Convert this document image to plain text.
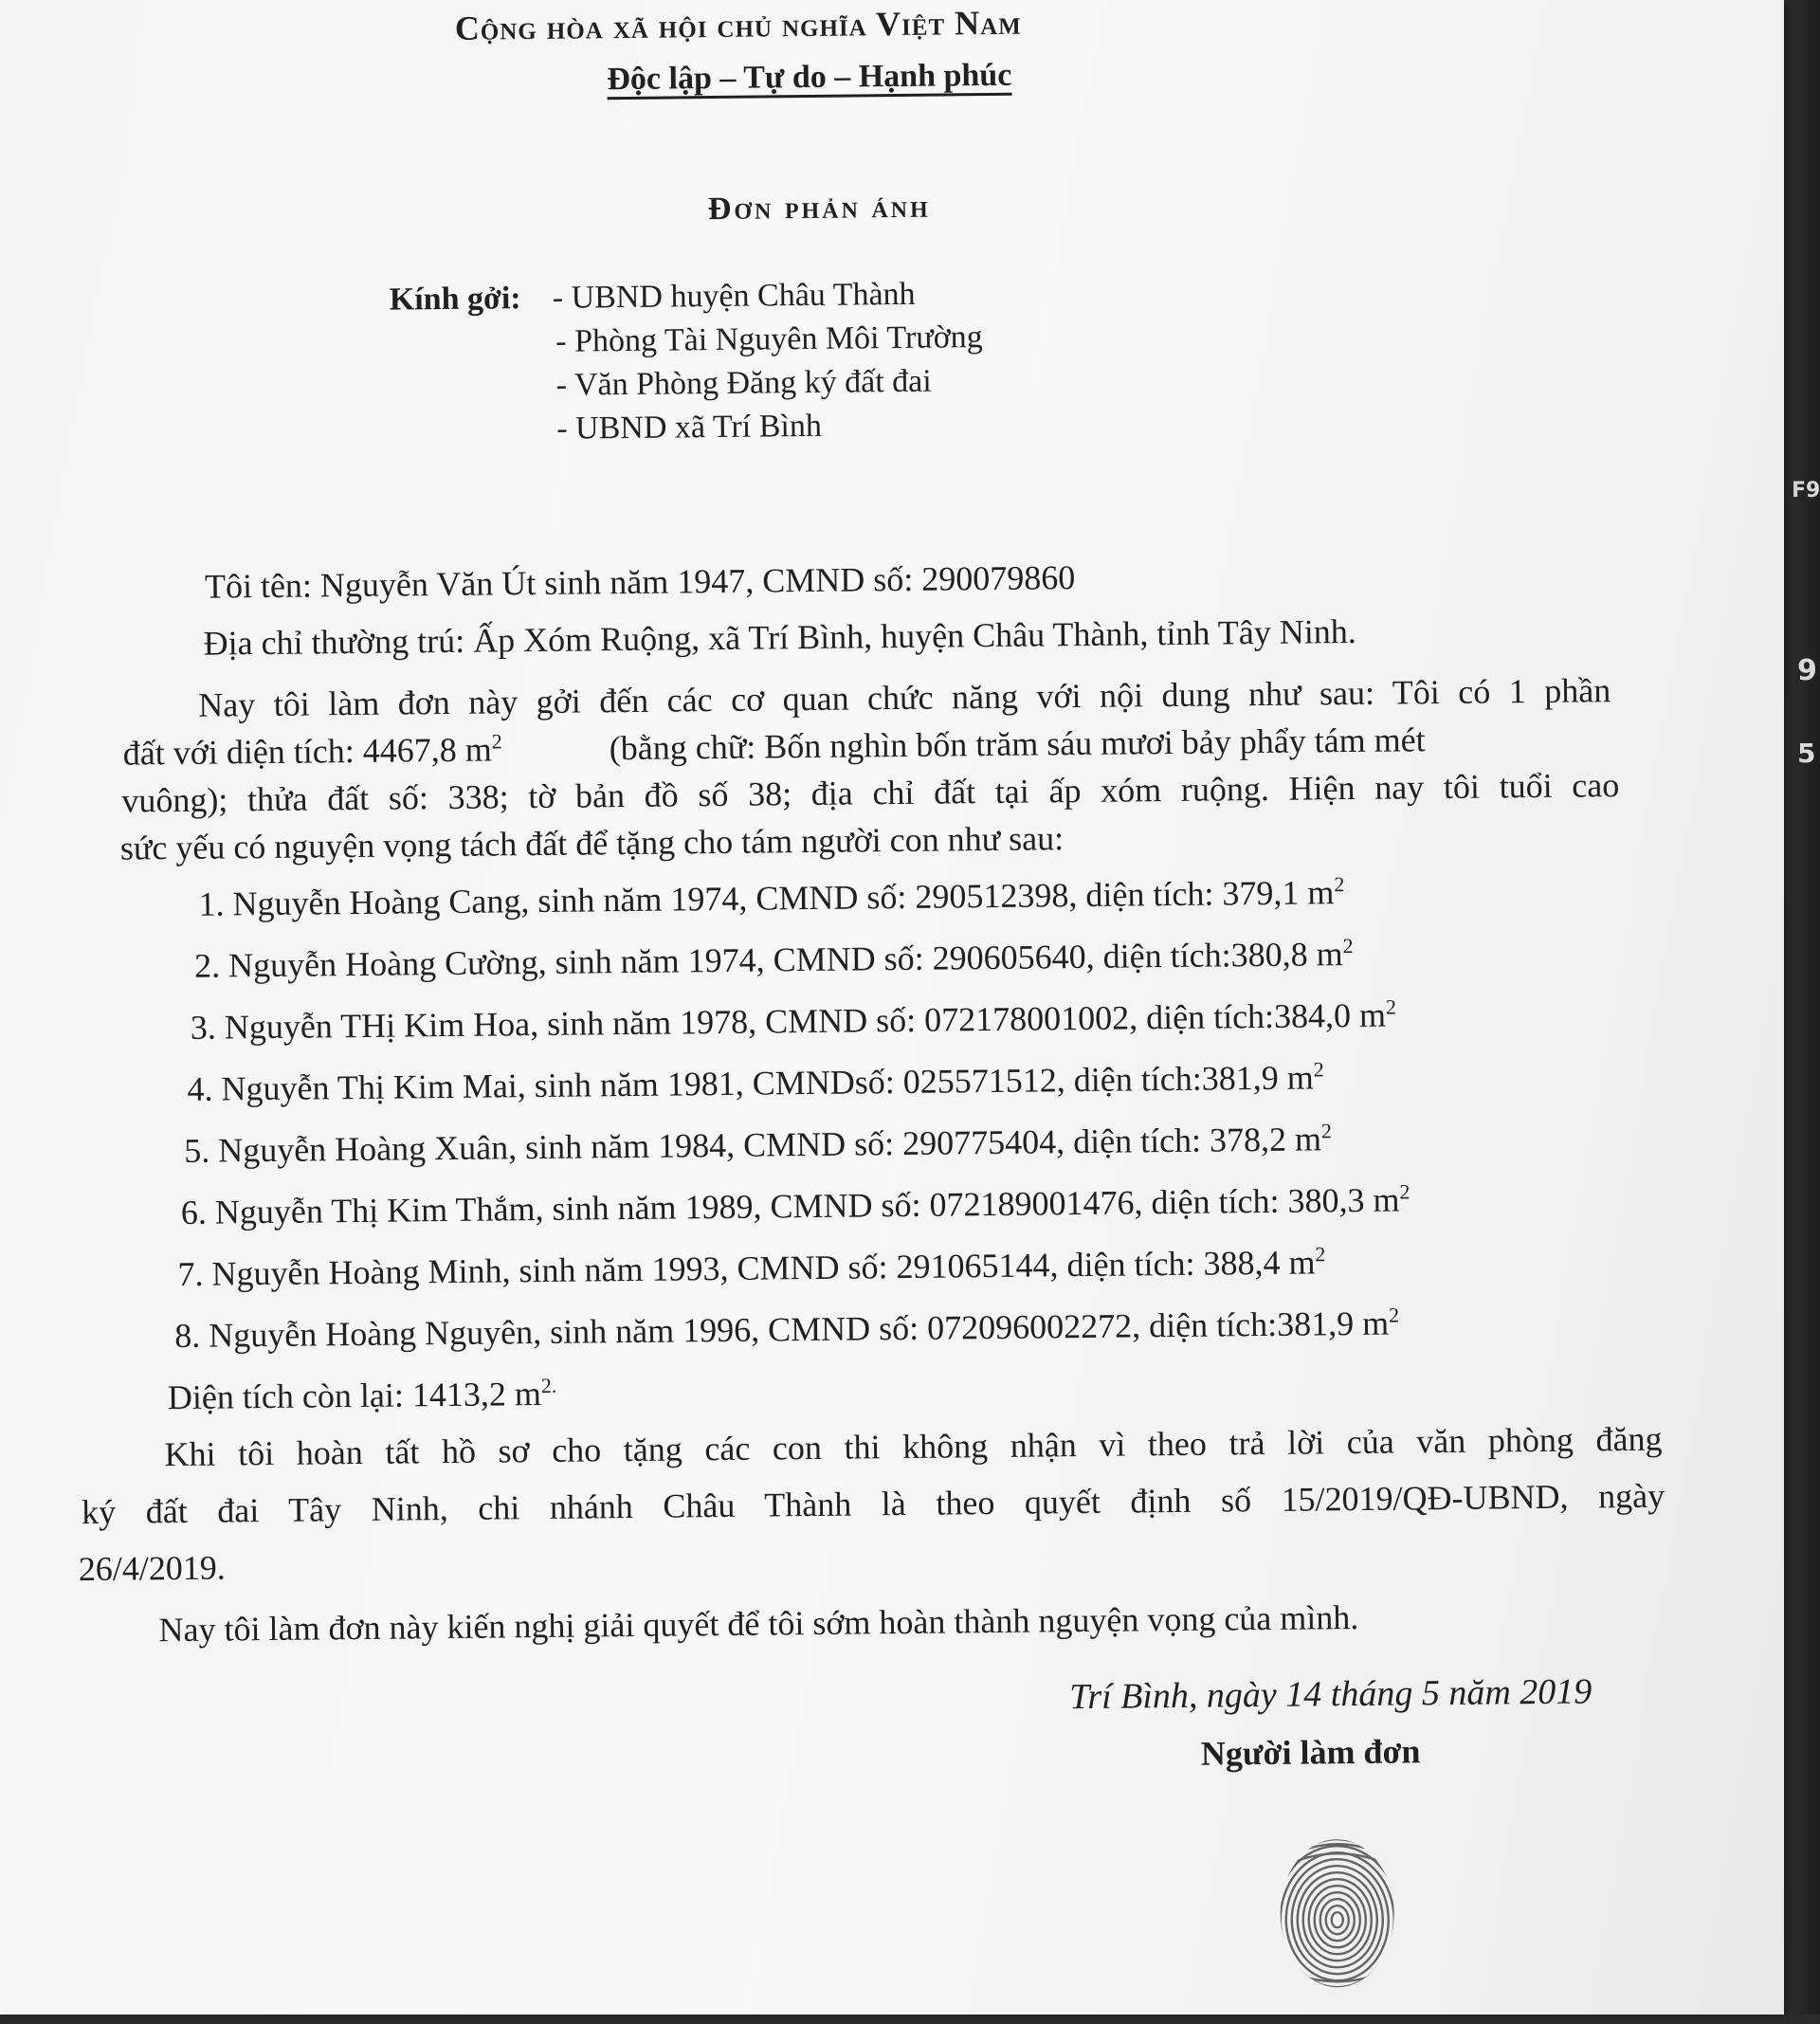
F9
9
5
Cộng hòa xã hội chủ nghĩa Việt Nam
Độc lập – Tự do – Hạnh phúc
Đơn phản ánh
Kính gởi: - UBND huyện Châu Thành
- Phòng Tài Nguyên Môi Trường
- Văn Phòng Đăng ký đất đai
- UBND xã Trí Bình
Tôi tên: Nguyễn Văn Út sinh năm 1947, CMND số: 290079860
Địa chỉ thường trú: Ấp Xóm Ruộng, xã Trí Bình, huyện Châu Thành, tỉnh Tây Ninh.
Nay tôi làm đơn này gởi đến các cơ quan chức năng với nội dung như sau: Tôi có 1 phần
đất với diện tích: 4467,8 $m^2$	(bằng chữ: Bốn nghìn bốn trăm sáu mươi bảy phẩy tám mét
vuông); thửa đất số: 338; tờ bản đồ số 38; địa chỉ đất tại ấp xóm ruộng. Hiện nay tôi tuổi cao
sức yếu có nguyện vọng tách đất để tặng cho tám người con như sau:
1. Nguyễn Hoàng Cang, sinh năm 1974, CMND số: 290512398, diện tích: 379,1 $m^2$
2. Nguyễn Hoàng Cường, sinh năm 1974, CMND số: 290605640, diện tích:380,8 $m^2$
3. Nguyễn THị Kim Hoa, sinh năm 1978, CMND số: 072178001002, diện tích:384,0 $m^2$
4. Nguyễn Thị Kim Mai, sinh năm 1981, CMNDsố: 025571512, diện tích:381,9 $m^2$
5. Nguyễn Hoàng Xuân, sinh năm 1984, CMND số: 290775404, diện tích: 378,2 $m^2$
6. Nguyễn Thị Kim Thắm, sinh năm 1989, CMND số: 072189001476, diện tích: 380,3 $m^2$
7. Nguyễn Hoàng Minh, sinh năm 1993, CMND số: 291065144, diện tích: 388,4 $m^2$
8. Nguyễn Hoàng Nguyên, sinh năm 1996, CMND số: 072096002272, diện tích:381,9 $m^2$
Diện tích còn lại: 1413,2 $m^{2.}$
Khi tôi hoàn tất hồ sơ cho tặng các con thi không nhận vì theo trả lời của văn phòng đăng
ký đất đai Tây Ninh, chi nhánh Châu Thành là theo quyết định số 15/2019/QĐ-UBND, ngày
26/4/2019.
Nay tôi làm đơn này kiến nghị giải quyết để tôi sớm hoàn thành nguyện vọng của mình.
Trí Bình, ngày 14 tháng 5 năm 2019
Người làm đơn
